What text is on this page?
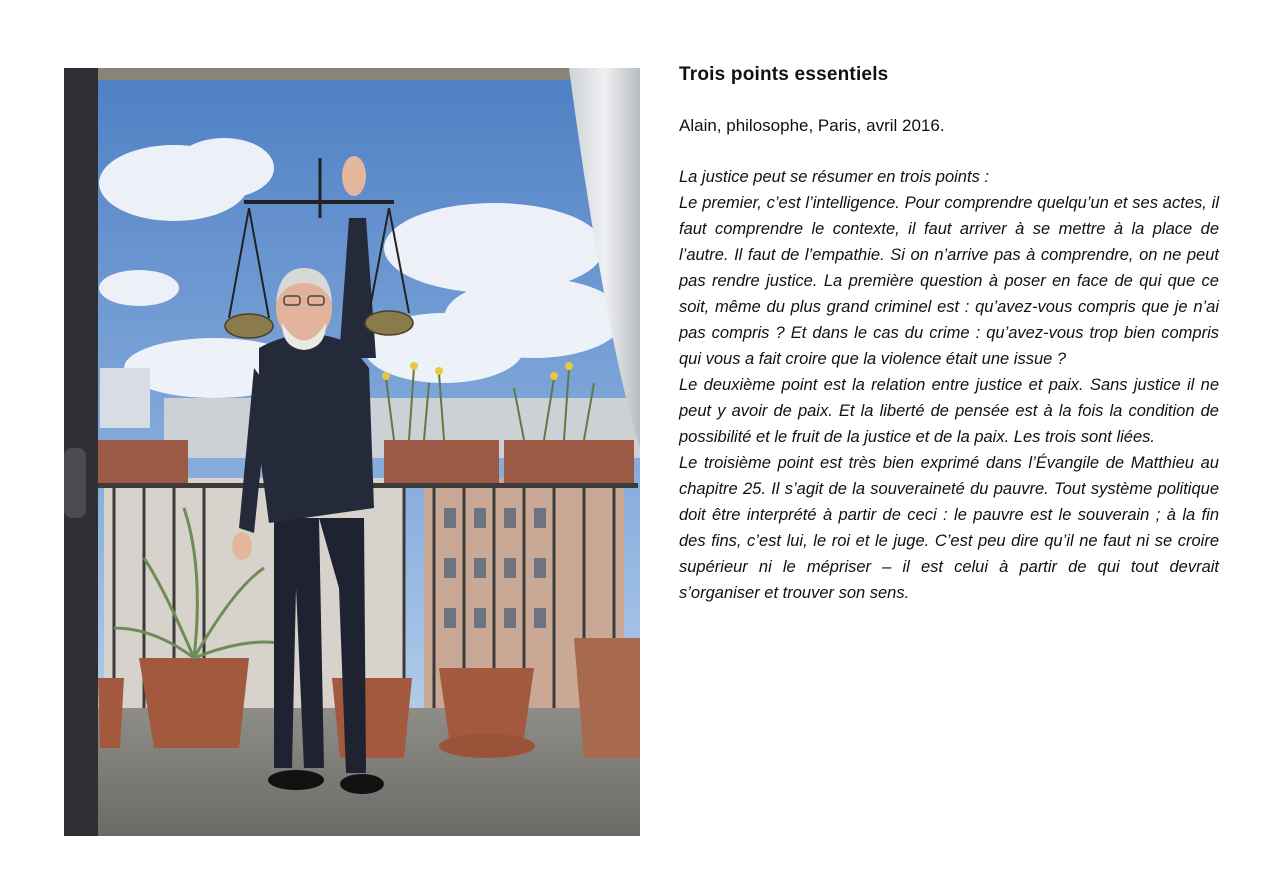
Trois points essentiels

Alain, philosophe, Paris, avril 2016.

La justice peut se résumer en trois points :

Le premier, c’est l’intelligence. Pour comprendre quelqu’un et ses actes, il faut comprendre le contexte, il faut arriver à se mettre à la place de l’autre. Il faut de l’empathie. Si on n’arrive pas à comprendre, on ne peut pas rendre justice. La première question à poser en face de qui que ce soit, même du plus grand criminel est : qu’avez-vous compris que je n’ai pas compris ? Et dans le cas du crime : qu’avez-vous trop bien compris qui vous a fait croire que la violence était une issue ?

Le deuxième point est la relation entre justice et paix. Sans justice il ne peut y avoir de paix. Et la liberté de pensée est à la fois la condition de possibilité et le fruit de la justice et de la paix. Les trois sont liées.

Le troisième point est très bien exprimé dans l’Évangile de Matthieu au chapitre 25. Il s’agit de la souveraineté du pauvre. Tout système politique doit être interprété à partir de ceci : le pauvre est le souverain ; à la fin des fins, c’est lui, le roi et le juge. C’est peu dire qu’il ne faut ni se croire supérieur ni le mépriser – il est celui à partir de qui tout devrait s’organiser et trouver son sens.
